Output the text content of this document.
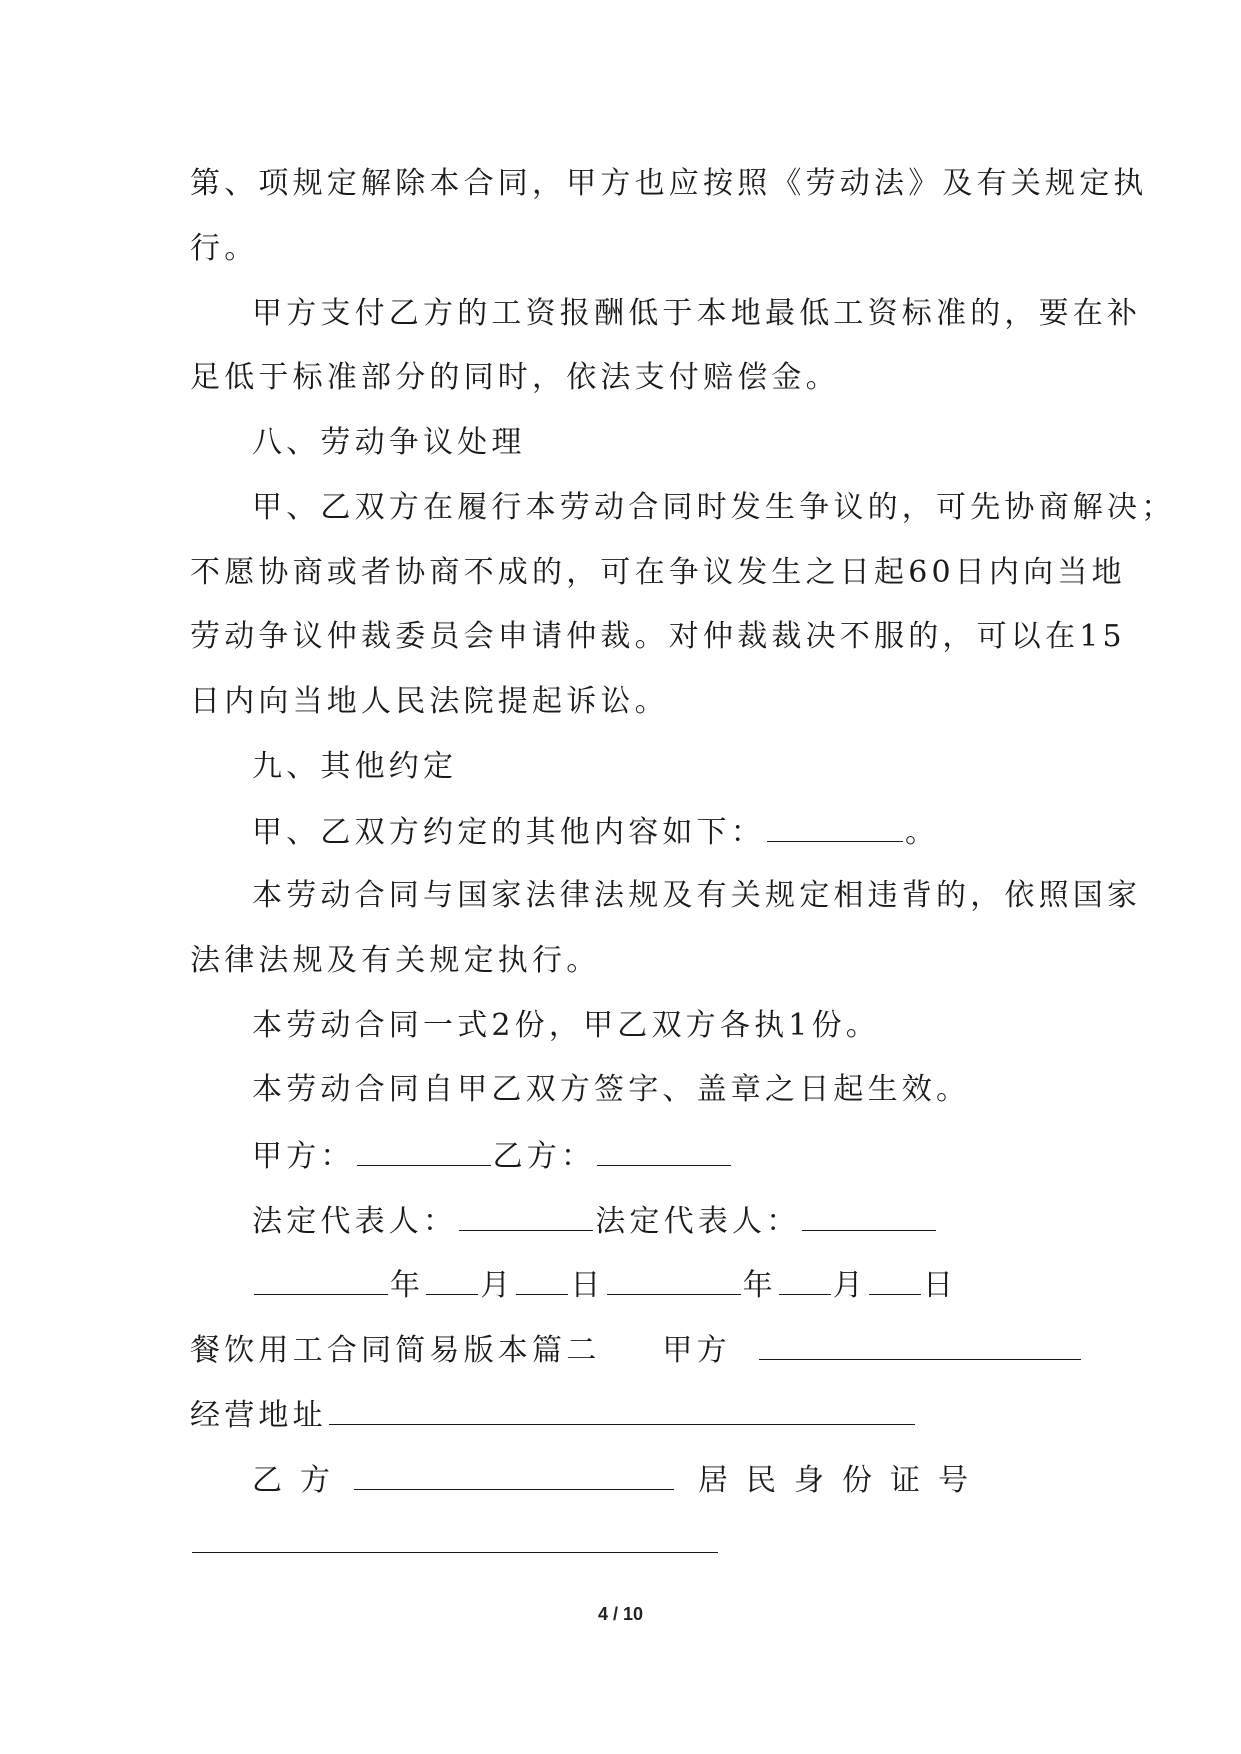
第、项规定解除本合同，甲方也应按照《劳动法》及有关规定执
行。
甲方支付乙方的工资报酬低于本地最低工资标准的，要在补
足低于标准部分的同时，依法支付赔偿金。
八、劳动争议处理
甲、乙双方在履行本劳动合同时发生争议的，可先协商解决；
不愿协商或者协商不成的，可在争议发生之日起60日内向当地
劳动争议仲裁委员会申请仲裁。对仲裁裁决不服的，可以在15
日内向当地人民法院提起诉讼。
九、其他约定
甲、乙双方约定的其他内容如下：	。
本劳动合同与国家法律法规及有关规定相违背的，依照国家
法律法规及有关规定执行。
本劳动合同一式2份，甲乙双方各执1份。
本劳动合同自甲乙双方签字、盖章之日起生效。
甲方：	乙方：
法定代表人：	法定代表人：
年 月 日	年 月 日
餐饮用工合同简易版本篇二 甲方
经营地址
乙方	居民身份证号
4 / 10
